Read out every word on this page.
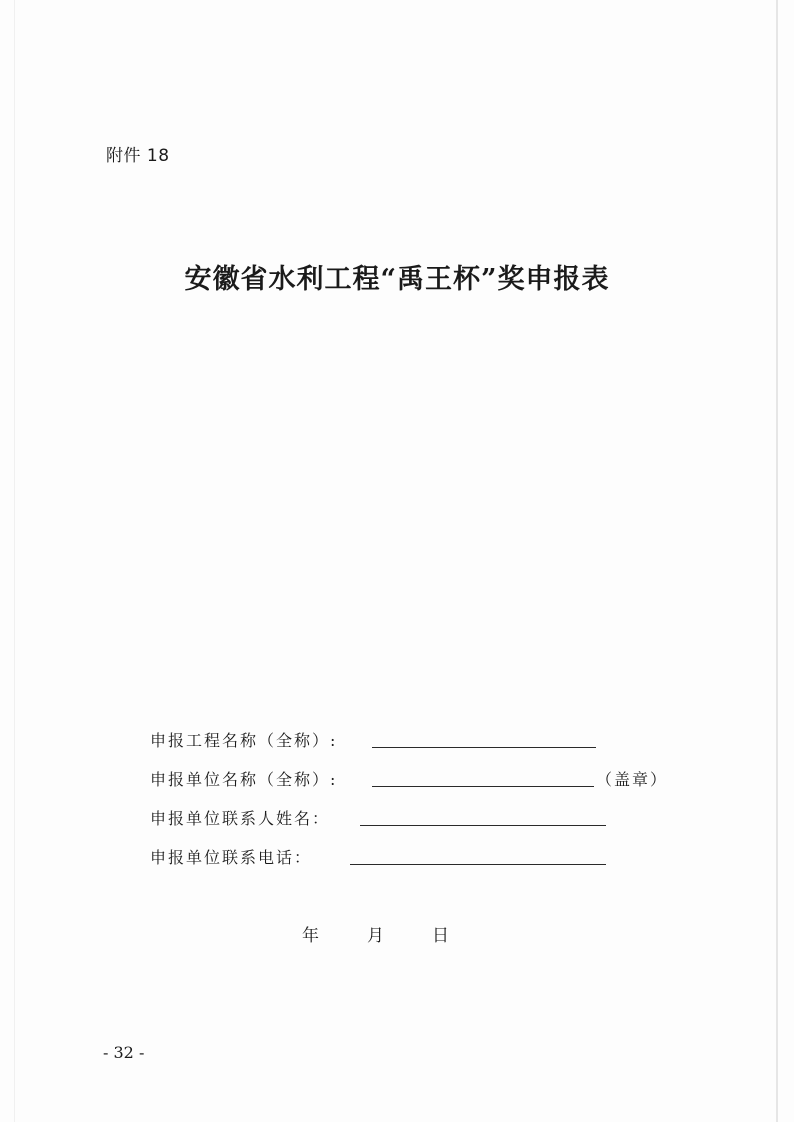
附件 18
安徽省水利工程“禹王杯”奖申报表
申报工程名称（全称）:
申报单位名称（全称）:	（盖章）
申报单位联系人姓名：
申报单位联系电话：
年	月	日
- 32 -
